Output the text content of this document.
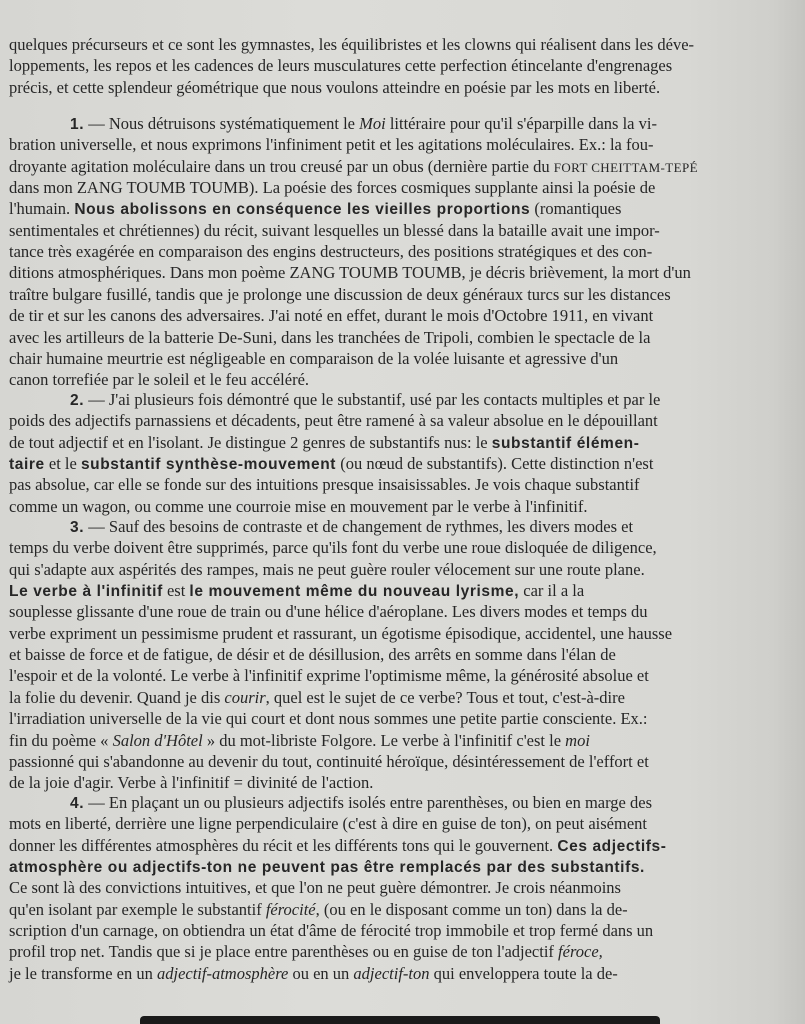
quelques précurseurs et ce sont les gymnastes, les équilibristes et les clowns qui réalisent dans les déve-
loppements, les repos et les cadences de leurs musculatures cette perfection étincelante d'engrenages
précis, et cette splendeur géométrique que nous voulons atteindre en poésie par les mots en liberté.
1. — Nous détruisons systématiquement le Moi littéraire pour qu'il s'éparpille dans la vi-
bration universelle, et nous exprimons l'infiniment petit et les agitations moléculaires. Ex.: la fou-
droyante agitation moléculaire dans un trou creusé par un obus (dernière partie du FORT CHEITTAM-TEPÉ
dans mon ZANG TOUMB TOUMB). La poésie des forces cosmiques supplante ainsi la poésie de
l'humain. Nous abolissons en conséquence les vieilles proportions (romantiques
sentimentales et chrétiennes) du récit, suivant lesquelles un blessé dans la bataille avait une impor-
tance très exagérée en comparaison des engins destructeurs, des positions stratégiques et des con-
ditions atmosphériques. Dans mon poème ZANG TOUMB TOUMB, je décris brièvement, la mort d'un
traître bulgare fusillé, tandis que je prolonge une discussion de deux généraux turcs sur les distances
de tir et sur les canons des adversaires. J'ai noté en effet, durant le mois d'Octobre 1911, en vivant
avec les artilleurs de la batterie De-Suni, dans les tranchées de Tripoli, combien le spectacle de la
chair humaine meurtrie est négligeable en comparaison de la volée luisante et agressive d'un
canon torrefiée par le soleil et le feu accéléré.
2. — J'ai plusieurs fois démontré que le substantif, usé par les contacts multiples et par le
poids des adjectifs parnassiens et décadents, peut être ramené à sa valeur absolue en le dépouillant
de tout adjectif et en l'isolant. Je distingue 2 genres de substantifs nus: le substantif élémen-
taire et le substantif synthèse-mouvement (ou nœud de substantifs). Cette distinction n'est
pas absolue, car elle se fonde sur des intuitions presque insaisissables. Je vois chaque substantif
comme un wagon, ou comme une courroie mise en mouvement par le verbe à l'infinitif.
3. — Sauf des besoins de contraste et de changement de rythmes, les divers modes et
temps du verbe doivent être supprimés, parce qu'ils font du verbe une roue disloquée de diligence,
qui s'adapte aux aspérités des rampes, mais ne peut guère rouler vélocement sur une route plane.
Le verbe à l'infinitif est le mouvement même du nouveau lyrisme, car il a la
souplesse glissante d'une roue de train ou d'une hélice d'aéroplane. Les divers modes et temps du
verbe expriment un pessimisme prudent et rassurant, un égotisme épisodique, accidentel, une hausse
et baisse de force et de fatigue, de désir et de désillusion, des arrêts en somme dans l'élan de
l'espoir et de la volonté. Le verbe à l'infinitif exprime l'optimisme même, la générosité absolue et
la folie du devenir. Quand je dis courir, quel est le sujet de ce verbe? Tous et tout, c'est-à-dire
l'irradiation universelle de la vie qui court et dont nous sommes une petite partie consciente. Ex.:
fin du poème « Salon d'Hôtel » du mot-libriste Folgore. Le verbe à l'infinitif c'est le moi
passionné qui s'abandonne au devenir du tout, continuité héroïque, désintéressement de l'effort et
de la joie d'agir. Verbe à l'infinitif = divinité de l'action.
4. — En plaçant un ou plusieurs adjectifs isolés entre parenthèses, ou bien en marge des
mots en liberté, derrière une ligne perpendiculaire (c'est à dire en guise de ton), on peut aisément
donner les différentes atmosphères du récit et les différents tons qui le gouvernent. Ces adjectifs-
atmosphère ou adjectifs-ton ne peuvent pas être remplacés par des substantifs.
Ce sont là des convictions intuitives, et que l'on ne peut guère démontrer. Je crois néanmoins
qu'en isolant par exemple le substantif férocité, (ou en le disposant comme un ton) dans la de-
scription d'un carnage, on obtiendra un état d'âme de férocité trop immobile et trop fermé dans un
profil trop net. Tandis que si je place entre parenthèses ou en guise de ton l'adjectif féroce,
je le transforme en un adjectif-atmosphère ou en un adjectif-ton qui enveloppera toute la de-
